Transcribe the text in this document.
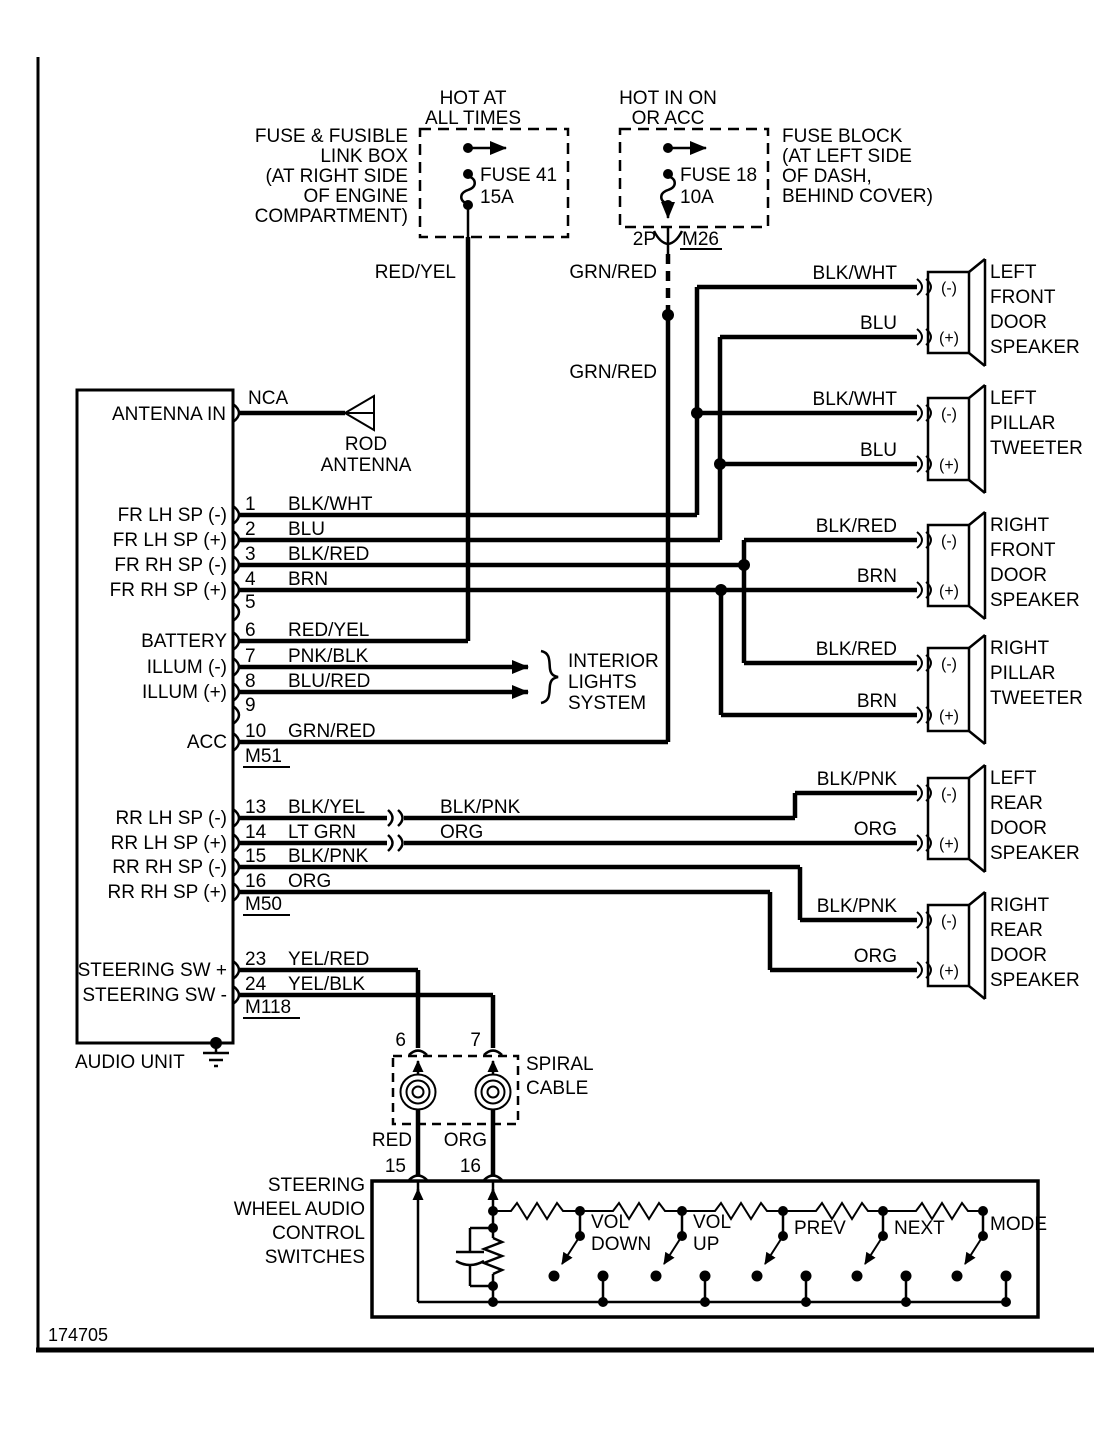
174705
HOT AT
ALL TIMES
FUSE & FUSIBLE
LINK BOX
(AT RIGHT SIDE
OF ENGINE
COMPARTMENT)
FUSE 41
15A
HOT IN ON
OR ACC
FUSE BLOCK
(AT LEFT SIDE
OF DASH,
BEHIND COVER)
FUSE 18
10A
2P M26
RED/YEL	GRN/RED
GRN/RED
AUDIO UNIT
ANTENNA IN
NCA
ROD
ANTENNA
M51
M50
M118
1 BLK/WHT
FR LH SP (-)
2 BLU
FR LH SP (+)
3 BLK/RED
FR RH SP (-)
4 BRN
FR RH SP (+)
5
6 RED/YEL
BATTERY
7 PNK/BLK
ILLUM (-)
8 BLU/RED
ILLUM (+)
9
10 GRN/RED
ACC
13 BLK/YEL
RR LH SP (-)
14 LT GRN
RR LH SP (+)
15 BLK/PNK
RR RH SP (-)
16 ORG
RR RH SP (+)
23 YEL/RED
STEERING SW +
24 YEL/BLK
STEERING SW -
INTERIOR
LIGHTS
SYSTEM
BLK/PNK
ORG
6	7
SPIRAL
CABLE
RED ORG
15	16
STEERING
WHEEL AUDIO
CONTROL
SWITCHES
VOL
DOWN
VOL
UP
PREV	NEXT MODE
BLK/WHT
BLU
(-)
(+)
LEFT
FRONT
DOOR
SPEAKER
BLK/WHT
BLU
(-)
(+)
LEFT
PILLAR
TWEETER
BLK/RED
BRN
(-)
(+)
RIGHT
FRONT
DOOR
SPEAKER
BLK/RED
BRN
(-)
(+)
RIGHT
PILLAR
TWEETER
BLK/PNK
ORG
(-)
(+)
LEFT
REAR
DOOR
SPEAKER
BLK/PNK
ORG
(-)
(+)
RIGHT
REAR
DOOR
SPEAKER
